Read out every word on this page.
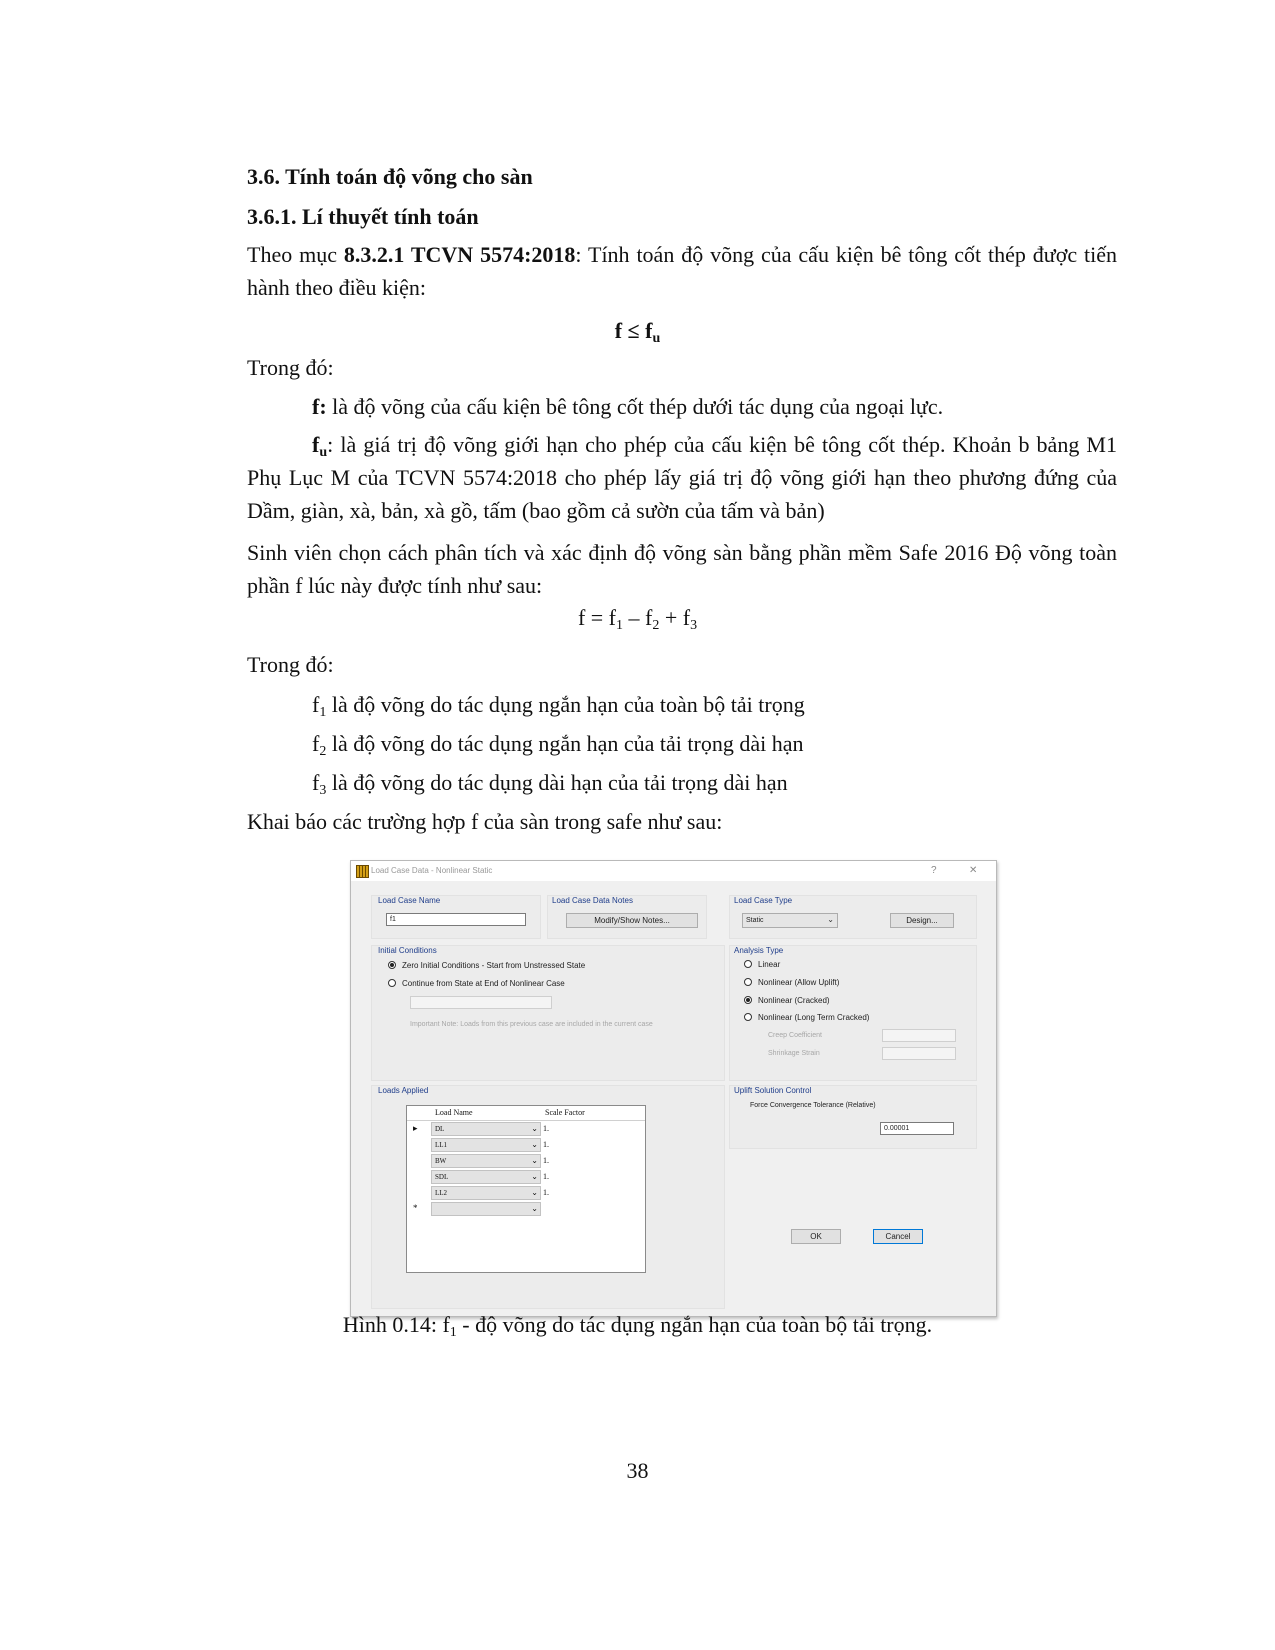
3.6. Tính toán độ võng cho sàn

3.6.1. Lí thuyết tính toán

Theo mục 8.3.2.1 TCVN 5574:2018: Tính toán độ võng của cấu kiện bê tông cốt thép được tiến hành theo điều kiện:

$f \le f_u$

Trong đó:

f: là độ võng của cấu kiện bê tông cốt thép dưới tác dụng của ngoại lực.

$f_u$: là giá trị độ võng giới hạn cho phép của cấu kiện bê tông cốt thép. Khoản b bảng M1 Phụ Lục M của TCVN 5574:2018 cho phép lấy giá trị độ võng giới hạn theo phương đứng của Dầm, giàn, xà, bản, xà gồ, tấm (bao gồm cả sườn của tấm và bản)

Sinh viên chọn cách phân tích và xác định độ võng sàn bằng phần mềm Safe 2016 Độ võng toàn phần f lúc này được tính như sau:

$f = f_1 - f_2 + f_3$

Trong đó:

$f_1$ là độ võng do tác dụng ngắn hạn của toàn bộ tải trọng

$f_2$ là độ võng do tác dụng ngắn hạn của tải trọng dài hạn

$f_3$ là độ võng do tác dụng dài hạn của tải trọng dài hạn

Khai báo các trường hợp f của sàn trong safe như sau:

Load Case Data - Nonlinear Static	?	✕
Load Case Name
f1
Load Case Data Notes
Modify/Show Notes...
Load Case Type
Static	⌄	Design...
Initial Conditions
Zero Initial Conditions - Start from Unstressed State
Continue from State at End of Nonlinear Case
Important Note: Loads from this previous case are included in the current case
Analysis Type
Linear
Nonlinear (Allow Uplift)
Nonlinear (Cracked)
Nonlinear (Long Term Cracked)
Creep Coefficient
Shrinkage Strain
Loads Applied	Uplift Solution Control
Force Convergence Tolerance (Relative)
0.00001
OK	Cancel
Load Name	Scale Factor
▸	DL	⌄ 1.
LL1	⌄ 1.
BW	⌄ 1.
SDL	⌄ 1.
LL2	⌄ 1.
*	⌄

Hình 0.14: $f_1$ - độ võng do tác dụng ngắn hạn của toàn bộ tải trọng.

38
